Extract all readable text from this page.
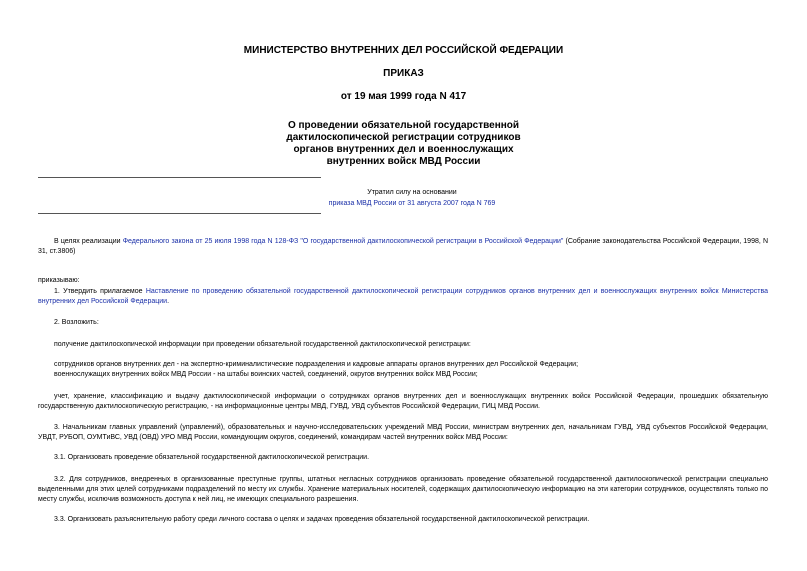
МИНИСТЕРСТВО ВНУТРЕННИХ ДЕЛ РОССИЙСКОЙ ФЕДЕРАЦИИ
ПРИКАЗ
от 19 мая 1999 года N 417
О проведении обязательной государственной
дактилоскопической регистрации сотрудников
органов внутренних дел и военнослужащих
внутренних войск МВД России
Утратил силу на основании
приказа МВД России от 31 августа 2007 года N 769
В целях реализации Федерального закона от 25 июля 1998 года N 128-ФЗ "О государственной дактилоскопической регистрации в Российской Федерации" (Собрание законодательства Российской Федерации, 1998, N 31, ст.3806)
приказываю:
1. Утвердить прилагаемое Наставление по проведению обязательной государственной дактилоскопической регистрации сотрудников органов внутренних дел и военнослужащих внутренних войск Министерства внутренних дел Российской Федерации.
2. Возложить:
получение дактилоскопической информации при проведении обязательной государственной дактилоскопической регистрации:
сотрудников органов внутренних дел - на экспертно-криминалистические подразделения и кадровые аппараты органов внутренних дел Российской Федерации;
военнослужащих внутренних войск МВД России - на штабы воинских частей, соединений, округов внутренних войск МВД России;
учет, хранение, классификацию и выдачу дактилоскопической информации о сотрудниках органов внутренних дел и военнослужащих внутренних войск Российской Федерации, прошедших обязательную государственную дактилоскопическую регистрацию, - на информационные центры МВД, ГУВД, УВД субъектов Российской Федерации, ГИЦ МВД России.
3. Начальникам главных управлений (управлений), образовательных и научно-исследовательских учреждений МВД России, министрам внутренних дел, начальникам ГУВД, УВД субъектов Российской Федерации, УВДТ, РУБОП, ОУМТиВС, УВД (ОВД) УРО МВД России, командующим округов, соединений, командирам частей внутренних войск МВД России:
3.1. Организовать проведение обязательной государственной дактилоскопической регистрации.
3.2. Для сотрудников, внедренных в организованные преступные группы, штатных негласных сотрудников организовать проведение обязательной государственной дактилоскопической регистрации специально выделенными для этих целей сотрудниками подразделений по месту их службы. Хранение материальных носителей, содержащих дактилоскопическую информацию на эти категории сотрудников, осуществлять только по месту службы, исключив возможность доступа к ней лиц, не имеющих специального разрешения.
3.3. Организовать разъяснительную работу среди личного состава о целях и задачах проведения обязательной государственной дактилоскопической регистрации.
